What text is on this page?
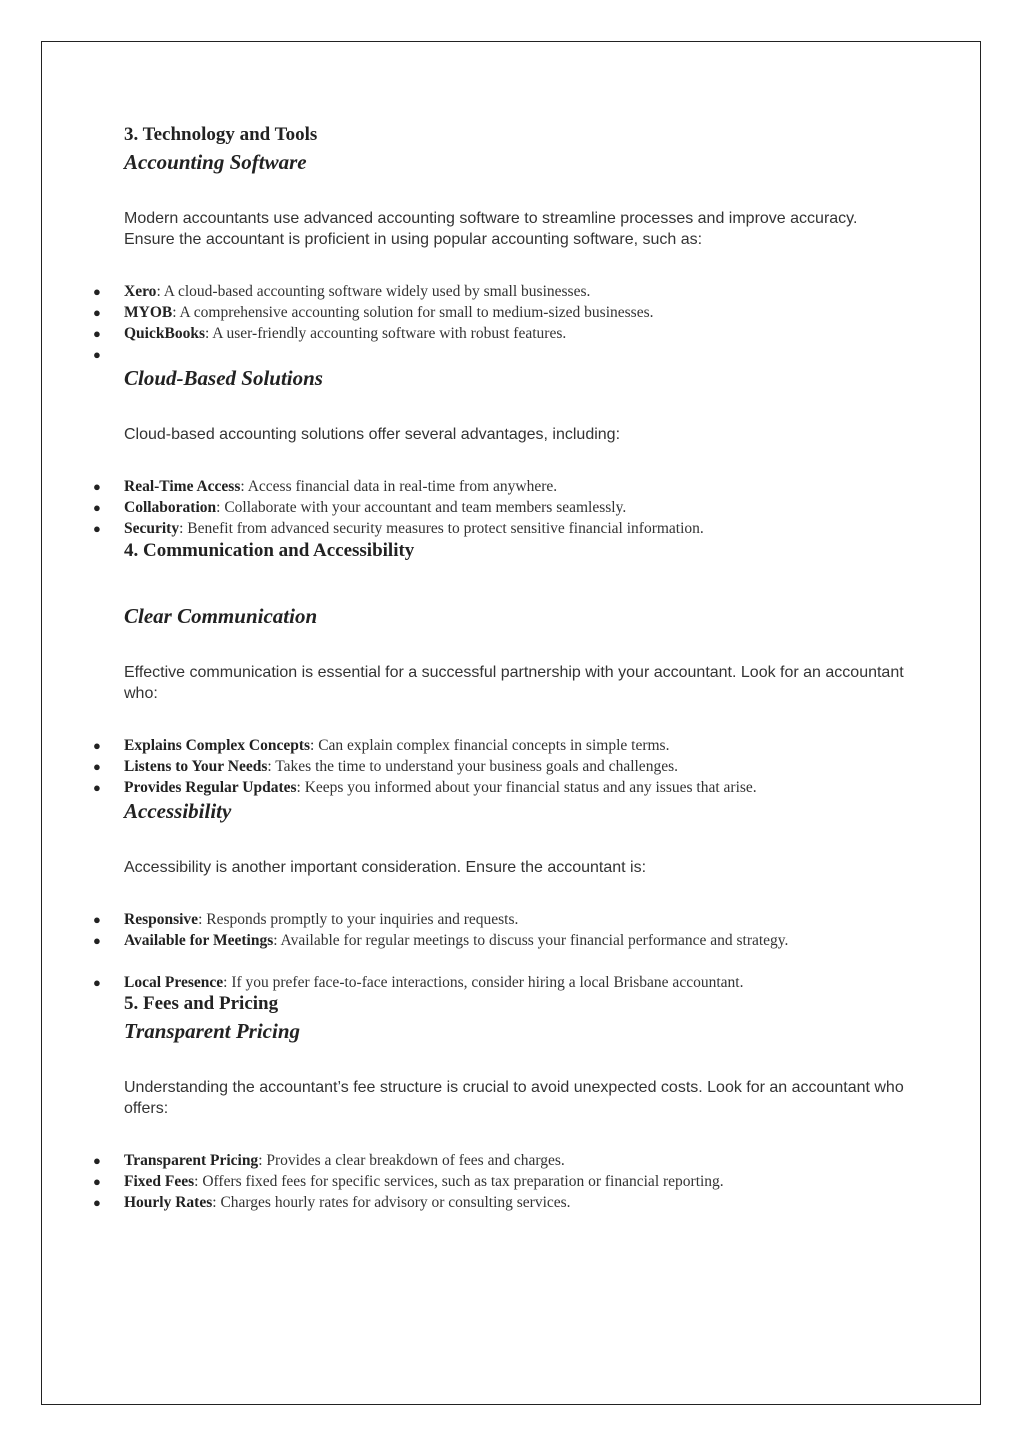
3. Technology and Tools

Accounting Software

Modern accountants use advanced accounting software to streamline processes and improve accuracy. Ensure the accountant is proficient in using popular accounting software, such as:

● Xero: A cloud-based accounting software widely used by small businesses.

● MYOB: A comprehensive accounting solution for small to medium-sized businesses.

● QuickBooks: A user-friendly accounting software with robust features.

●

Cloud-Based Solutions

Cloud-based accounting solutions offer several advantages, including:

● Real-Time Access: Access financial data in real-time from anywhere.

● Collaboration: Collaborate with your accountant and team members seamlessly.

● Security: Benefit from advanced security measures to protect sensitive financial information.

4. Communication and Accessibility

Clear Communication

Effective communication is essential for a successful partnership with your accountant. Look for an accountant who:

● Explains Complex Concepts: Can explain complex financial concepts in simple terms.

● Listens to Your Needs: Takes the time to understand your business goals and challenges.

● Provides Regular Updates: Keeps you informed about your financial status and any issues that arise.

Accessibility

Accessibility is another important consideration. Ensure the accountant is:

● Responsive: Responds promptly to your inquiries and requests.

● Available for Meetings: Available for regular meetings to discuss your financial performance and strategy.

● Local Presence: If you prefer face-to-face interactions, consider hiring a local Brisbane accountant.

5. Fees and Pricing

Transparent Pricing

Understanding the accountant’s fee structure is crucial to avoid unexpected costs. Look for an accountant who offers:

● Transparent Pricing: Provides a clear breakdown of fees and charges.

● Fixed Fees: Offers fixed fees for specific services, such as tax preparation or financial reporting.

● Hourly Rates: Charges hourly rates for advisory or consulting services.
